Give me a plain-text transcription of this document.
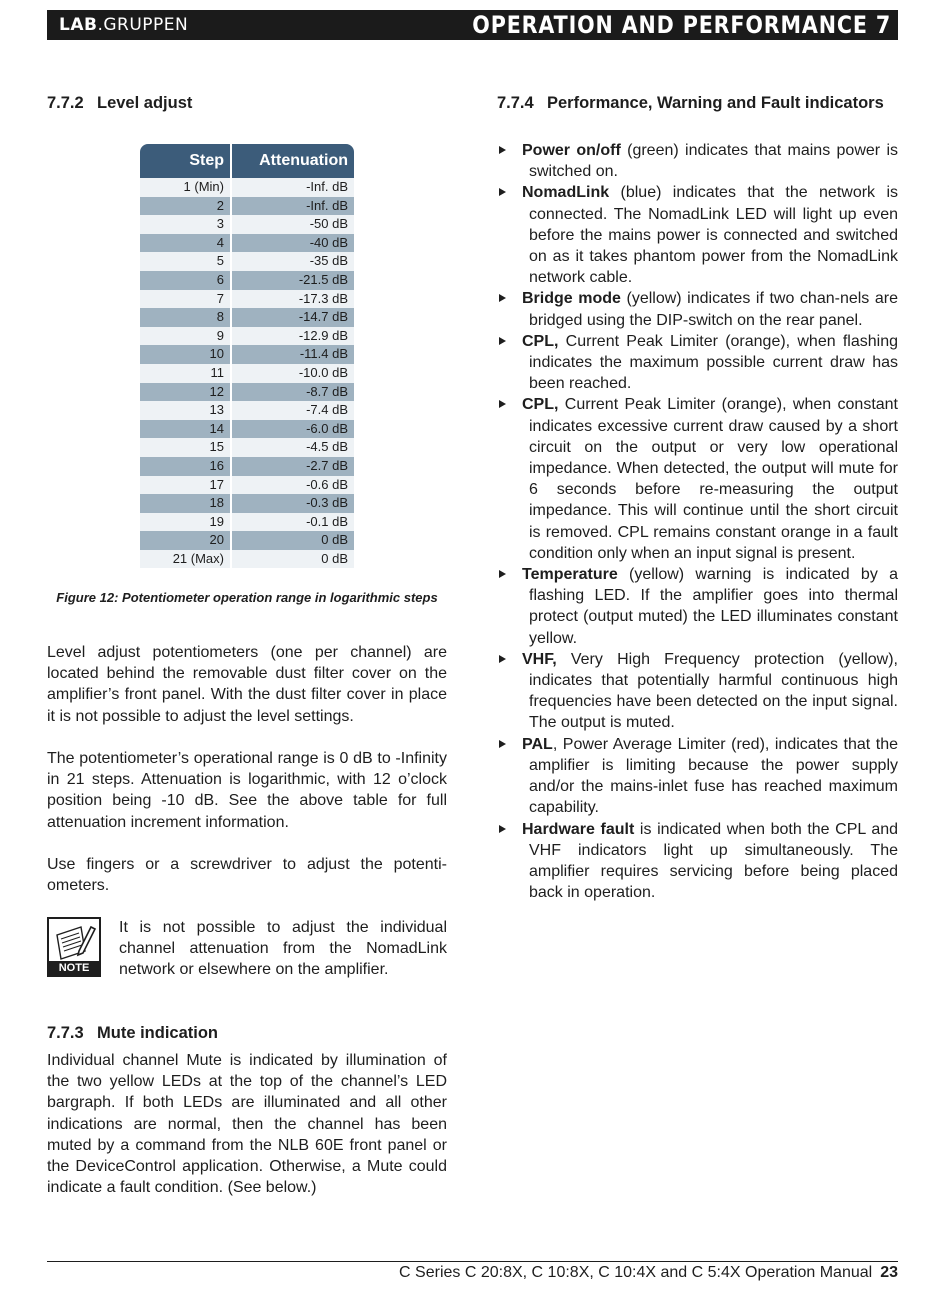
LAB.GRUPPEN	OPERATION AND PERFORMANCE 7
7.7.2 Level adjust
Step	Attenuation
1 (Min)	-Inf. dB
2	-Inf. dB
3	-50 dB
4	-40 dB
5	-35 dB
6	-21.5 dB
7	-17.3 dB
8	-14.7 dB
9	-12.9 dB
10	-11.4 dB
11	-10.0 dB
12	-8.7 dB
13	-7.4 dB
14	-6.0 dB
15	-4.5 dB
16	-2.7 dB
17	-0.6 dB
18	-0.3 dB
19	-0.1 dB
20	0 dB
21 (Max)	0 dB
Figure 12: Potentiometer operation range in logarithmic steps

Level adjust potentiometers (one per channel) are located behind the removable dust filter cover on the amplifier’s front panel. With the dust filter cover in place it is not possible to adjust the level settings.

The potentiometer’s operational range is 0 dB to -Infinity in 21 steps. Attenuation is logarithmic, with 12 o’clock position being -10 dB. See the above table for full attenuation increment information.

Use fingers or a screwdriver to adjust the potenti-ometers.

NOTE

It is not possible to adjust the individual channel attenuation from the NomadLink network or elsewhere on the amplifier.

7.7.3 Mute indication

Individual channel Mute is indicated by illumination of the two yellow LEDs at the top of the channel’s LED bargraph. If both LEDs are illuminated and all other indications are normal, then the channel has been muted by a command from the NLB 60E front panel or the DeviceControl application. Otherwise, a Mute could indicate a fault condition. (See below.)

7.7.4 Performance, Warning and Fault indicators
Power on/off (green) indicates that mains power is switched on.
NomadLink (blue) indicates that the network is connected. The NomadLink LED will light up even before the mains power is connected and switched on as it takes phantom power from the NomadLink network cable.
Bridge mode (yellow) indicates if two chan-nels are bridged using the DIP-switch on the rear panel.
CPL, Current Peak Limiter (orange), when flashing indicates the maximum possible current draw has been reached.
CPL, Current Peak Limiter (orange), when constant indicates excessive current draw caused by a short circuit on the output or very low operational impedance. When detected, the output will mute for 6 seconds before re-measuring the output impedance. This will continue until the short circuit is removed. CPL remains constant orange in a fault condition only when an input signal is present.
Temperature (yellow) warning is indicated by a flashing LED. If the amplifier goes into thermal protect (output muted) the LED illuminates constant yellow.
VHF, Very High Frequency protection (yellow), indicates that potentially harmful continuous high frequencies have been detected on the input signal. The output is muted.
PAL, Power Average Limiter (red), indicates that the amplifier is limiting because the power supply and/or the mains-inlet fuse has reached maximum capability.
Hardware fault is indicated when both the CPL and VHF indicators light up simultaneously. The amplifier requires servicing before being placed back in operation.
C Series C 20:8X, C 10:8X, C 10:4X and C 5:4X Operation Manual 23
